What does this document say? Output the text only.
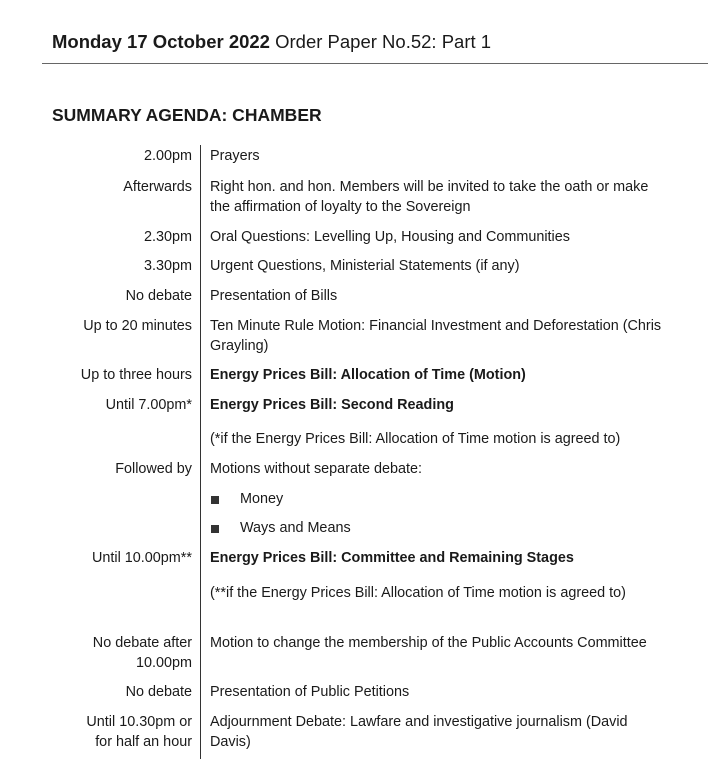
Monday 17 October 2022 Order Paper No.52: Part 1
SUMMARY AGENDA: CHAMBER
2.00pm Prayers
Afterwards Right hon. and hon. Members will be invited to take the oath or make the affirmation of loyalty to the Sovereign
2.30pm Oral Questions: Levelling Up, Housing and Communities
3.30pm Urgent Questions, Ministerial Statements (if any)
No debate Presentation of Bills
Up to 20 minutes Ten Minute Rule Motion: Financial Investment and Deforestation (Chris Grayling)
Up to three hours Energy Prices Bill: Allocation of Time (Motion)
Until 7.00pm* Energy Prices Bill: Second Reading
(*if the Energy Prices Bill: Allocation of Time motion is agreed to)
Followed by Motions without separate debate:
Money
Ways and Means
Until 10.00pm** Energy Prices Bill: Committee and Remaining Stages
(**if the Energy Prices Bill: Allocation of Time motion is agreed to)
No debate after 10.00pm
Motion to change the membership of the Public Accounts Committee
No debate Presentation of Public Petitions
Until 10.30pm or for half an hour
Adjournment Debate: Lawfare and investigative journalism (David Davis)
